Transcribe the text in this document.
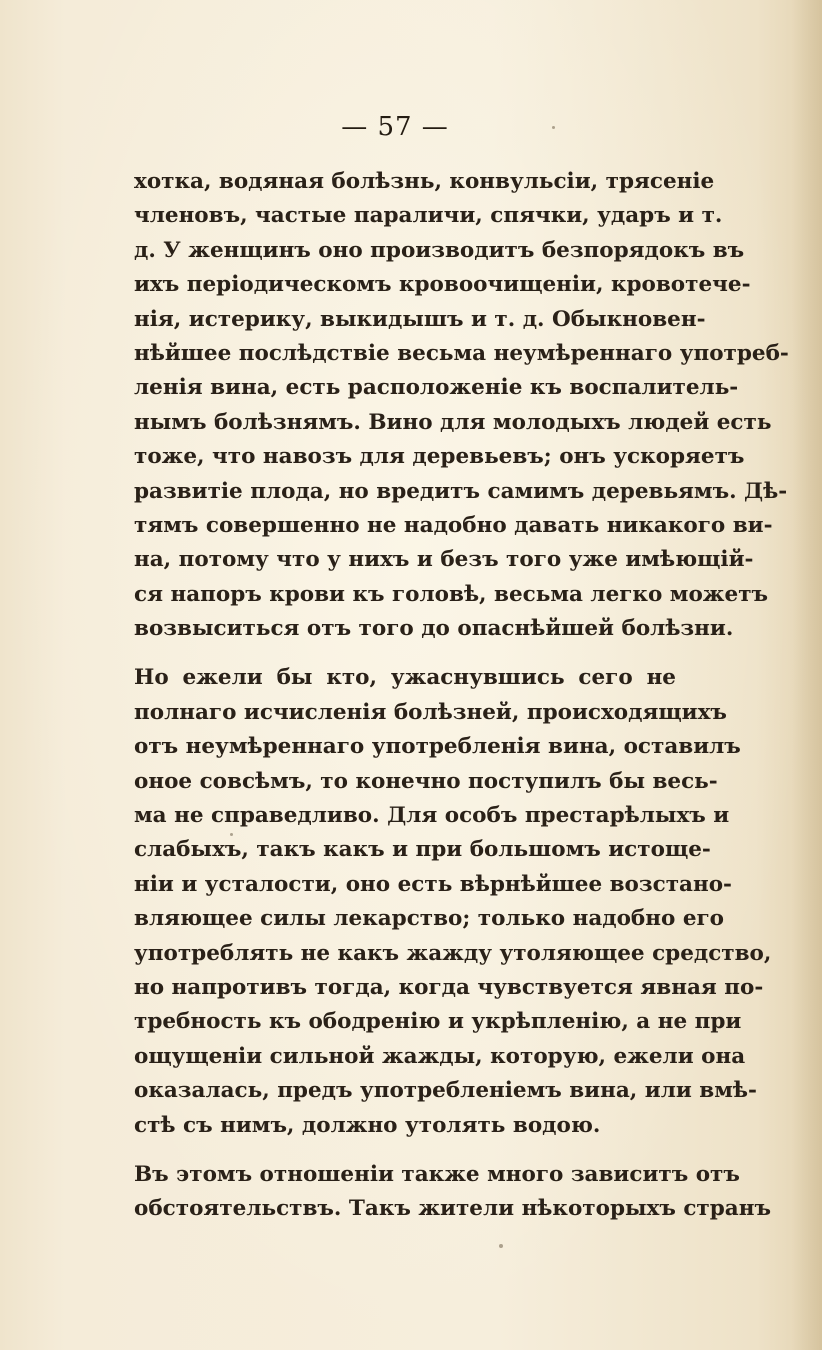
— 57 —
хотка, водяная болѣзнь, конвульсіи, трясеніе
членовъ, частые параличи, спячки, ударъ и т.
д. У женщинъ оно производитъ безпорядокъ въ
ихъ періодическомъ кровоочищеніи, кровотече-
нія, истерику, выкидышъ и т. д. Обыкновен-
нѣйшее послѣдствіе весьма неумѣреннаго употреб-
ленія вина, есть расположеніе къ воспалитель-
нымъ болѣзнямъ. Вино для молодыхъ людей есть
тоже, что навозъ для деревьевъ; онъ ускоряетъ
развитіе плода, но вредитъ самимъ деревьямъ. Дѣ-
тямъ совершенно не надобно давать никакого ви-
на, потому что у нихъ и безъ того уже имѣющій-
ся напоръ крови къ головѣ, весьма легко можетъ
возвыситься отъ того до опаснѣйшей болѣзни.
Но ежели бы кто, ужаснувшись сего не
полнаго исчисленія болѣзней, происходящихъ
отъ неумѣреннаго употребленія вина, оставилъ
оное совсѣмъ, то конечно поступилъ бы весь-
ма не справедливо. Для особъ престарѣлыхъ и
слабыхъ, такъ какъ и при большомъ истоще-
ніи и усталости, оно есть вѣрнѣйшее возстано-
вляющее силы лекарство; только надобно его
употреблять не какъ жажду утоляющее средство,
но напротивъ тогда, когда чувствуется явная по-
требность къ ободренію и укрѣпленію, а не при
ощущеніи сильной жажды, которую, ежели она
оказалась, предъ употребленіемъ вина, или вмѣ-
стѣ съ нимъ, должно утолять водою.
Въ этомъ отношеніи также много зависитъ отъ
обстоятельствъ. Такъ жители нѣкоторыхъ странъ
